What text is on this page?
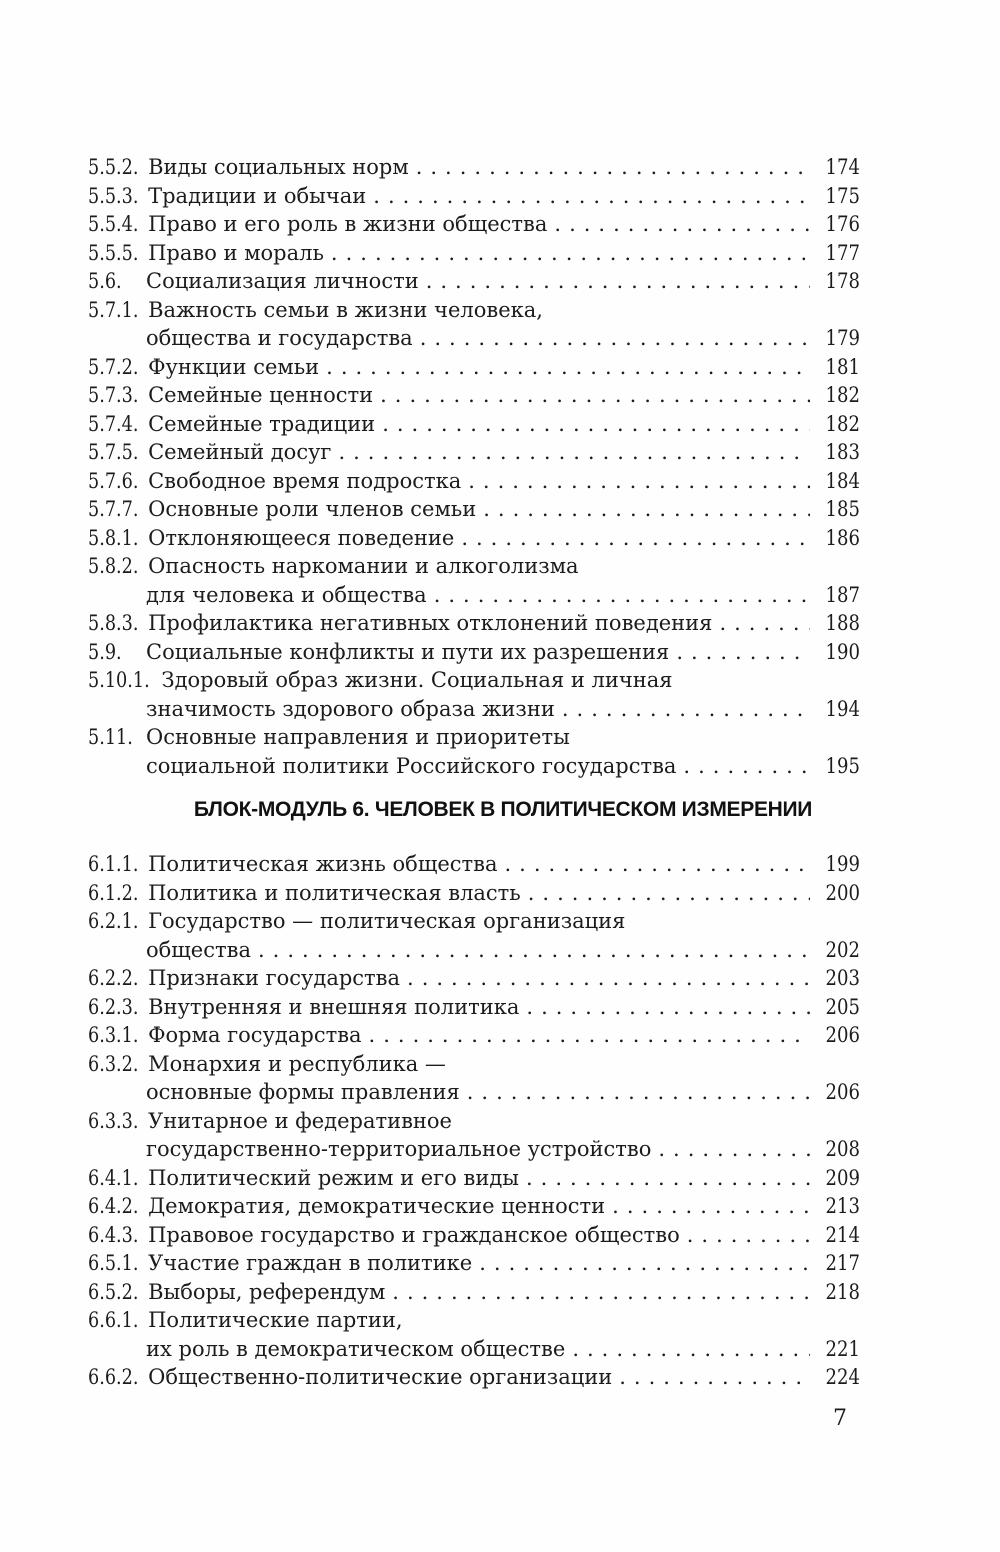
5.5.2. Виды социальных норм .....	174
5.5.3. Традиции и обычаи .....	175
5.5.4. Право и его роль в жизни общества .....	176
5.5.5. Право и мораль .....	177
5.6.	Социализация личности .....	178
5.7.1. Важность семьи в жизни человека,
общества и государства .....	179
5.7.2. Функции семьи .....	181
5.7.3. Семейные ценности .....	182
5.7.4. Семейные традиции .....	182
5.7.5. Семейный досуг .....	183
5.7.6. Свободное время подростка .....	184
5.7.7. Основные роли членов семьи .....	185
5.8.1. Отклоняющееся поведение .....	186
5.8.2. Опасность наркомании и алкоголизма
для человека и общества .....	187
5.8.3. Профилактика негативных отклонений поведения .....	188
5.9.	Социальные конфликты и пути их разрешения .....	190
5.10.1. Здоровый образ жизни. Социальная и личная
значимость здорового образа жизни .....	194
5.11. Основные направления и приоритеты
социальной политики Российского государства .....	195
БЛОК-МОДУЛЬ 6. ЧЕЛОВЕК В ПОЛИТИЧЕСКОМ ИЗМЕРЕНИИ
6.1.1. Политическая жизнь общества .....	199
6.1.2. Политика и политическая власть .....	200
6.2.1. Государство — политическая организация
общества .....	202
6.2.2. Признаки государства .....	203
6.2.3. Внутренняя и внешняя политика .....	205
6.3.1. Форма государства .....	206
6.3.2. Монархия и республика —
основные формы правления .....	206
6.3.3. Унитарное и федеративное
государственно-территориальное устройство .....	208
6.4.1. Политический режим и его виды .....	209
6.4.2. Демократия, демократические ценности .....	213
6.4.3. Правовое государство и гражданское общество .....	214
6.5.1. Участие граждан в политике .....	217
6.5.2. Выборы, референдум .....	218
6.6.1. Политические партии,
их роль в демократическом обществе .....	221
6.6.2. Общественно-политические организации .....	224
7
